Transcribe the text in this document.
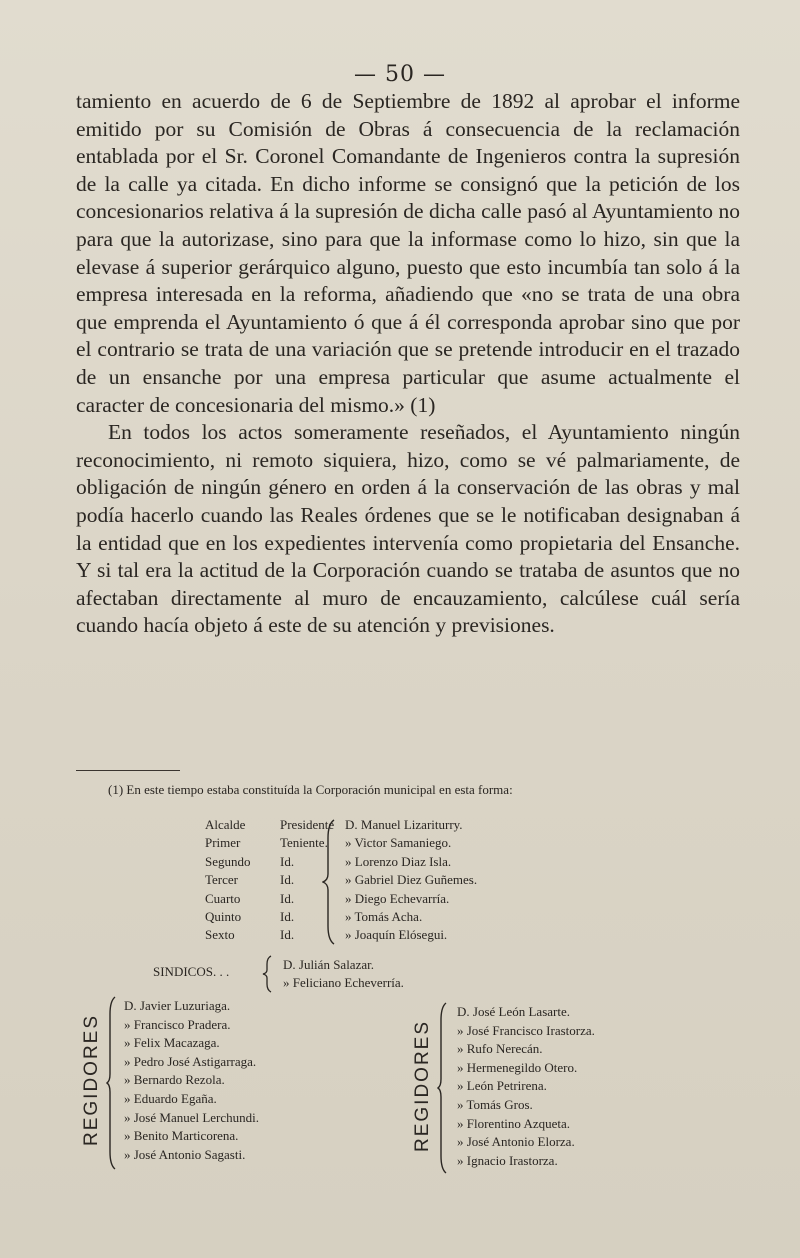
— 50 —

tamiento en acuerdo de 6 de Septiembre de 1892 al aprobar el informe emitido por su Comisión de Obras á consecuencia de la reclamación entablada por el Sr. Coronel Comandante de Ingenieros contra la supresión de la calle ya citada. En dicho informe se consignó que la petición de los concesionarios relativa á la supresión de dicha calle pasó al Ayuntamiento no para que la autorizase, sino para que la informase como lo hizo, sin que la elevase á superior gerárquico alguno, puesto que esto incumbía tan solo á la empresa interesada en la reforma, añadiendo que «no se trata de una obra que emprenda el Ayuntamiento ó que á él corresponda aprobar sino que por el contrario se trata de una variación que se pretende introducir en el trazado de un ensanche por una empresa particular que asume actualmente el caracter de concesionaria del mismo.» (1)

En todos los actos someramente reseñados, el Ayuntamiento ningún reconocimiento, ni remoto siquiera, hizo, como se vé palmariamente, de obligación de ningún género en orden á la conservación de las obras y mal podía hacerlo cuando las Reales órdenes que se le notificaban designaban á la entidad que en los expedientes intervenía como propietaria del Ensanche. Y si tal era la actitud de la Corporación cuando se trataba de asuntos que no afectaban directamente al muro de encauzamiento, calcúlese cuál sería cuando hacía objeto á este de su atención y previsiones.

(1) En este tiempo estaba constituída la Corporación municipal en esta forma:
Alcalde	Presidente D. Manuel Lizariturry.
Primer	Teniente. » Victor Samaniego.
Segundo	Id.	» Lorenzo Diaz Isla.
Tercer	Id.	» Gabriel Diez Guñemes.
Cuarto	Id.	» Diego Echevarría.
Quinto	Id.	» Tomás Acha.
Sexto	Id.	» Joaquín Elósegui.
SINDICOS. . .	D. Julián Salazar.
» Feliciano Echeverría.
REGIDORES
D. Javier Luzuriaga.
» Francisco Pradera.
» Felix Macazaga.
» Pedro José Astigarraga.
» Bernardo Rezola.
» Eduardo Egaña.
» José Manuel Lerchundi.
» Benito Marticorena.
» José Antonio Sagasti.
REGIDORES
D. José León Lasarte.
» José Francisco Irastorza.
» Rufo Nerecán.
» Hermenegildo Otero.
» León Petrirena.
» Tomás Gros.
» Florentino Azqueta.
» José Antonio Elorza.
» Ignacio Irastorza.
